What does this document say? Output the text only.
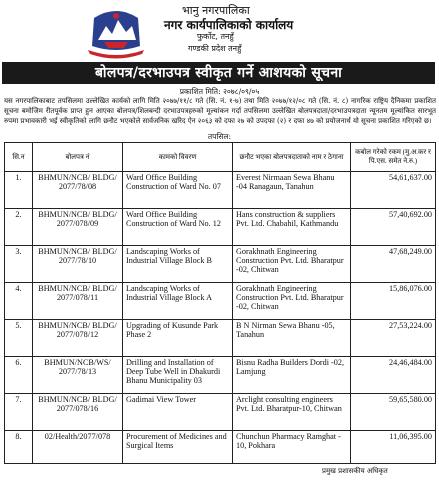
भानु नगरपालिका
नगर कार्यपालिकाको कार्यालय
फुर्कोट, तनहुँ
गण्डकी प्रदेश तनहुँ
बोलपत्र/दरभाउपत्र स्वीकृत गर्ने आशयको सूचना
प्रकाशित मिति: २०७८/०९/०५
यस नगरपालिकाबाट तपसिलमा उल्लेखित कार्यको लागि मिति २०७७/११/८ गते (सि. नं. १-७) तथा मिति २०७७/१२/०८ गते (सि. नं. ८) नागरिक राष्ट्रिय दैनिकमा प्रकाशित सूचना बमोजिम रीतपूर्वक प्राप्त हुन आएका बोलपत्र/शिलबन्दी दरभाउपत्रहरुको मूल्यांकन गर्दा तपसिलमा उल्लेखित बोलपत्रदाता/दरभाउपत्रदाता न्यूनतम मूल्यांकित सारभूत रुपमा प्रभावकारी भई स्वीकृतिको लागि छनौट भएकोले सार्वजनिक खरिद ऐन २०६३ को दफा २७ को उपदफा (२) र दफा ४७ को प्रयोजनार्थ यो सूचना प्रकाशित गरिएको छ।
तपसिल:
सि.न	बोलपत्र नं	कामको विवरण	छनौट भएका बोलपत्रदाताको नाम र ठेगाना	कबोल गरेको रकम (मु.अ.कर र पि.एस. समेत ने.रु.)
1.	BHMUN/NCB/ BLDG/ 2077/78/08	Ward Office Building Construction of Ward No. 07	Everest Nirmaan Sewa Bhanu -04 Ranagaun, Tanahun	54,61,637.00
2.	BHMUN/NCB/ BLDG/ 2077/078/09	Ward Office Building Construction of Ward No. 12	Hans construction & suppliers Pvt. Ltd. Chabahil, Kathmandu	57,40,692.00
3.	BHMUN/NCB/ BLDG/ 2077/78/10	Landscaping Works of Industrial Village Block B	Gorakhnath Engineering Construction Pvt. Ltd. Bharatpur -02, Chitwan	47,68,249.00
4.	BHMUN/NCB/ BLDG/ 2077/078/11	Landscaping Works of Industrial Village Block A	Gorakhnath Engineering Construction Pvt. Ltd. Bharatpur -02, Chitwan	15,86,076.00
5.	BHMUN/NCB/ BLDG/ 2077/078/12	Upgrading of Kusunde Park Phase 2	B N Nirman Sewa Bhanu -05, Tanahun	27,53,224.00
6.	BHMUN/NCB/WS/ 2077/78/13	Drilling and Installation of Deep Tube Well in Dhakurdi Bhanu Municipality 03	Bisnu Radha Builders Dordi -02, Lamjung	24,46,484.00
7.	BHMUN/NCB/ BLDG/ 2077/078/16	Gadimai View Tower	Arclight consulting engineers Pvt. Ltd. Bharatpur-10, Chitwan	59,65,580.00
8.	02/Health/2077/078	Procurement of Medicines and Surgical Items	Chunchun Pharmacy Ramghat - 10, Pokhara	11,06,395.00
प्रमुख प्रशासकीय अधिकृत
